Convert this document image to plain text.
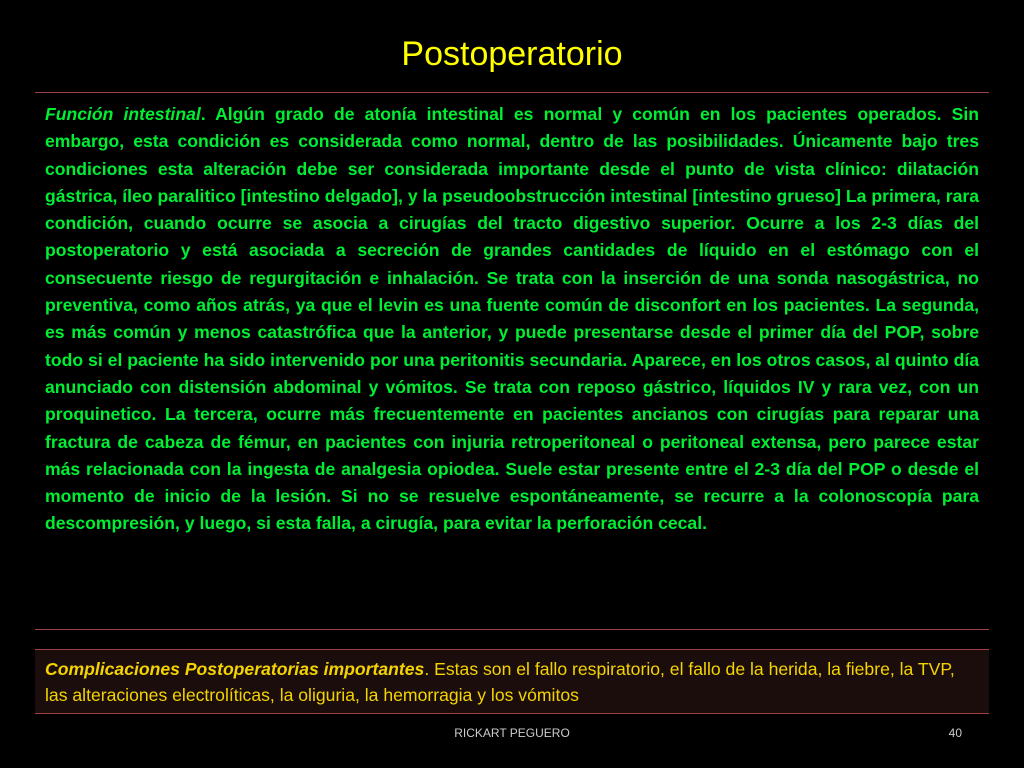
Postoperatorio

Función intestinal. Algún grado de atonía intestinal es normal y común en los pacientes operados. Sin embargo, esta condición es considerada como normal, dentro de las posibilidades. Únicamente bajo tres condiciones esta alteración debe ser considerada importante desde el punto de vista clínico: dilatación gástrica, íleo paralitico [intestino delgado], y la pseudoobstrucción intestinal [intestino grueso] La primera, rara condición, cuando ocurre se asocia a cirugías del tracto digestivo superior. Ocurre a los 2-3 días del postoperatorio y está asociada a secreción de grandes cantidades de líquido en el estómago con el consecuente riesgo de regurgitación e inhalación. Se trata con la inserción de una sonda nasogástrica, no preventiva, como años atrás, ya que el levin es una fuente común de disconfort en los pacientes. La segunda, es más común y menos catastrófica que la anterior, y puede presentarse desde el primer día del POP, sobre todo si el paciente ha sido intervenido por una peritonitis secundaria. Aparece, en los otros casos, al quinto día anunciado con distensión abdominal y vómitos. Se trata con reposo gástrico, líquidos IV y rara vez, con un proquinetico. La tercera, ocurre más frecuentemente en pacientes ancianos con cirugías para reparar una fractura de cabeza de fémur, en pacientes con injuria retroperitoneal o peritoneal extensa, pero parece estar más relacionada con la ingesta de analgesia opiodea. Suele estar presente entre el 2-3 día del POP o desde el momento de inicio de la lesión. Si no se resuelve espontáneamente, se recurre a la colonoscopía para descompresión, y luego, si esta falla, a cirugía, para evitar la perforación cecal.

Complicaciones Postoperatorias importantes. Estas son el fallo respiratorio, el fallo de la herida, la fiebre, la TVP, las alteraciones electrolíticas, la oliguria, la hemorragia y los vómitos

RICKART PEGUERO	40
